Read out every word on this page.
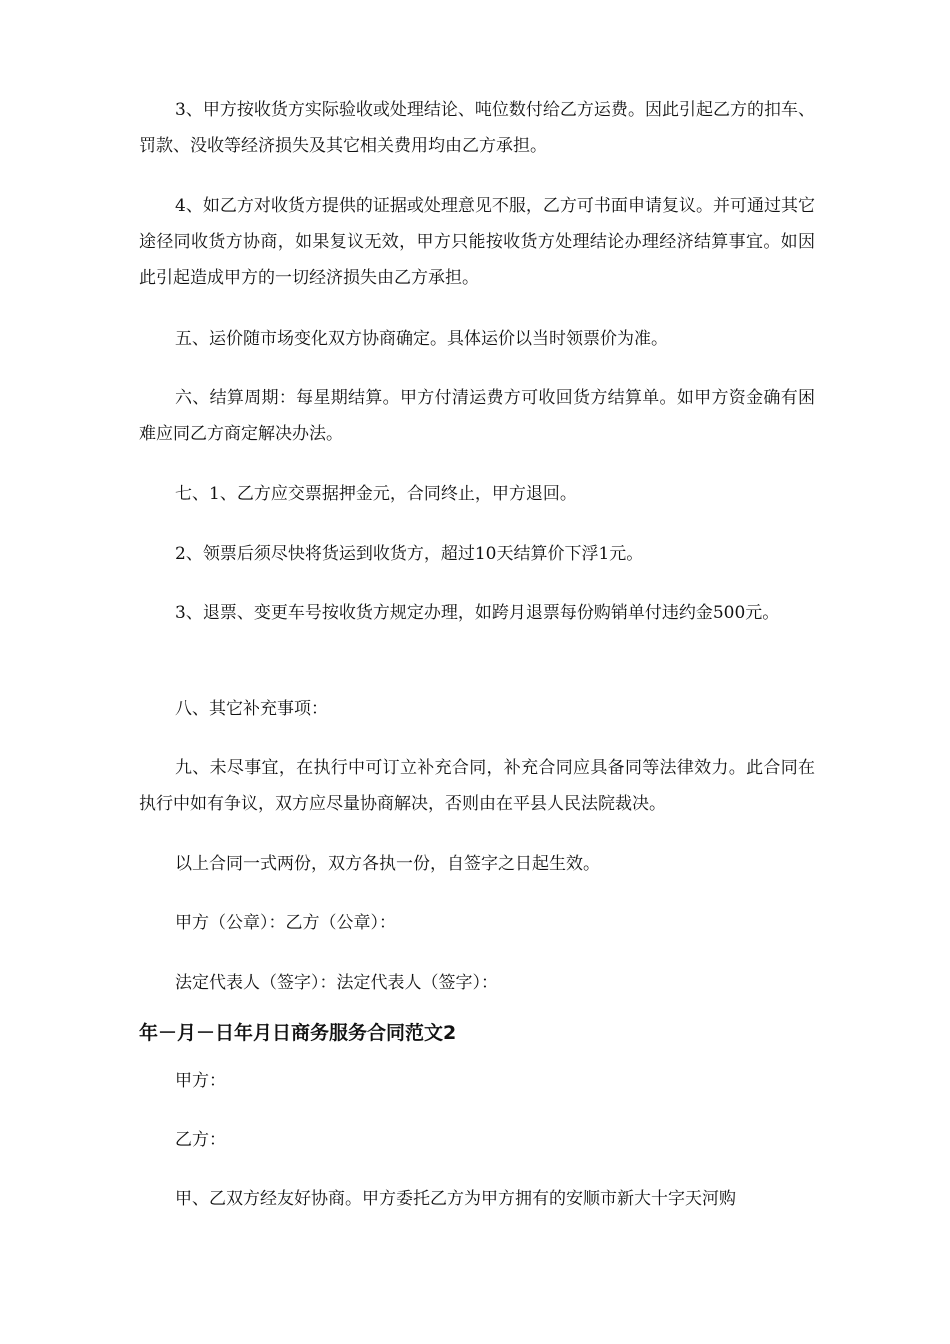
3、甲方按收货方实际验收或处理结论、吨位数付给乙方运费。因此引起乙方的扣车、罚款、没收等经济损失及其它相关费用均由乙方承担。

4、如乙方对收货方提供的证据或处理意见不服，乙方可书面申请复议。并可通过其它途径同收货方协商，如果复议无效，甲方只能按收货方处理结论办理经济结算事宜。如因此引起造成甲方的一切经济损失由乙方承担。

五、运价随市场变化双方协商确定。具体运价以当时领票价为准。

六、结算周期：每星期结算。甲方付清运费方可收回货方结算单。如甲方资金确有困难应同乙方商定解决办法。

七、1、乙方应交票据押金元，合同终止，甲方退回。

2、领票后须尽快将货运到收货方，超过10天结算价下浮1元。

3、退票、变更车号按收货方规定办理，如跨月退票每份购销单付违约金500元。

八、其它补充事项：

九、未尽事宜，在执行中可订立补充合同，补充合同应具备同等法律效力。此合同在执行中如有争议，双方应尽量协商解决，否则由在平县人民法院裁决。

以上合同一式两份，双方各执一份，自签字之日起生效。

甲方（公章）：乙方（公章）：

法定代表人（签字）：法定代表人（签字）：

年－月－日年月日商务服务合同范文2

甲方：

乙方：

甲、乙双方经友好协商。甲方委托乙方为甲方拥有的安顺市新大十字天河购
